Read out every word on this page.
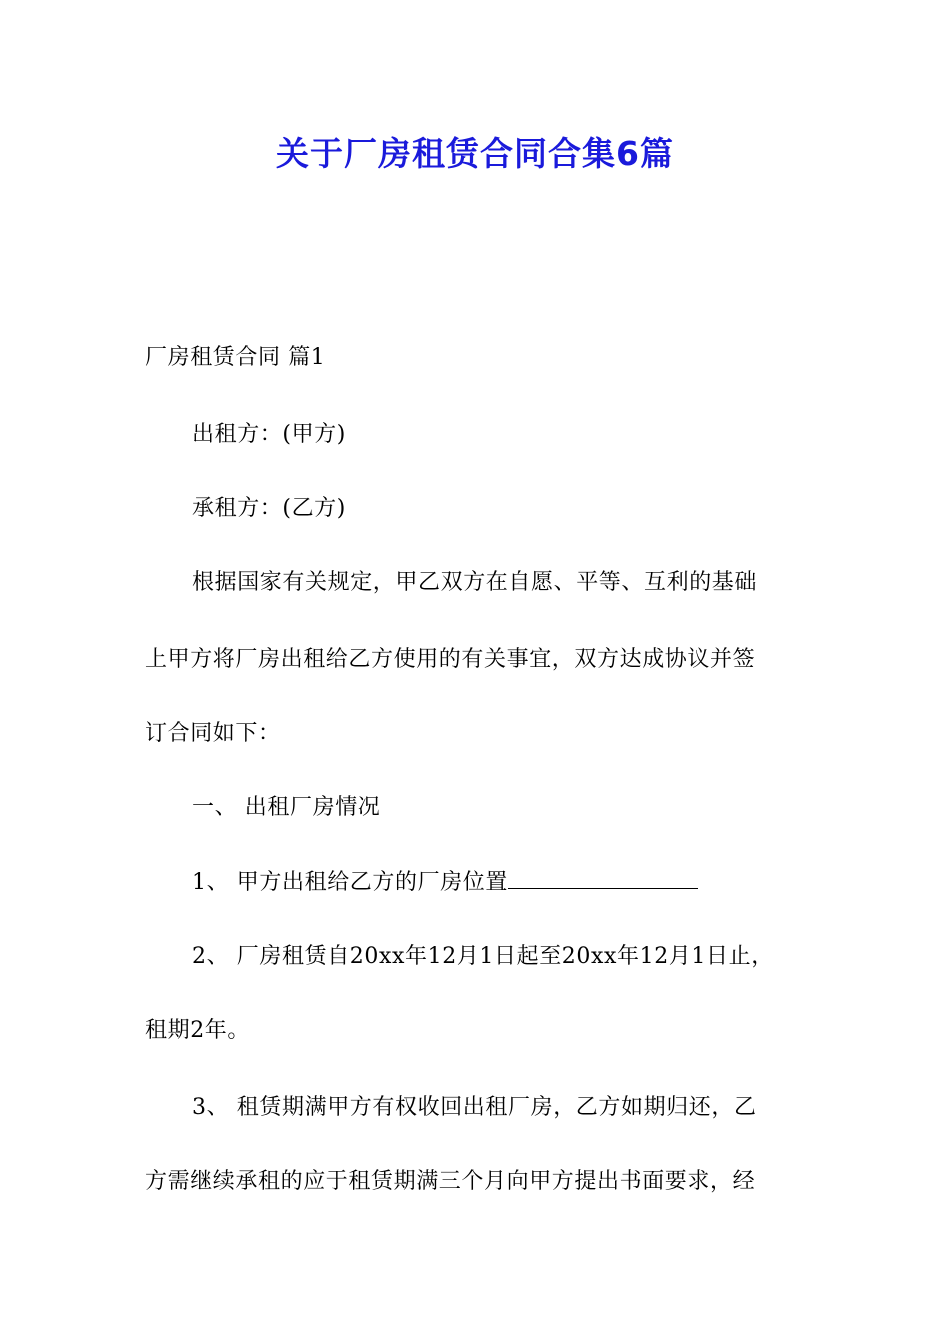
关于厂房租赁合同合集6篇
厂房租赁合同 篇1
出租方：(甲方)
承租方：(乙方)
根据国家有关规定，甲乙双方在自愿、平等、互利的基础
上甲方将厂房出租给乙方使用的有关事宜，双方达成协议并签
订合同如下：
一、 出租厂房情况
1、 甲方出租给乙方的厂房位置
2、 厂房租赁自20xx年12月1日起至20xx年12月1日止，
租期2年。
3、 租赁期满甲方有权收回出租厂房，乙方如期归还，乙
方需继续承租的应于租赁期满三个月向甲方提出书面要求，经
